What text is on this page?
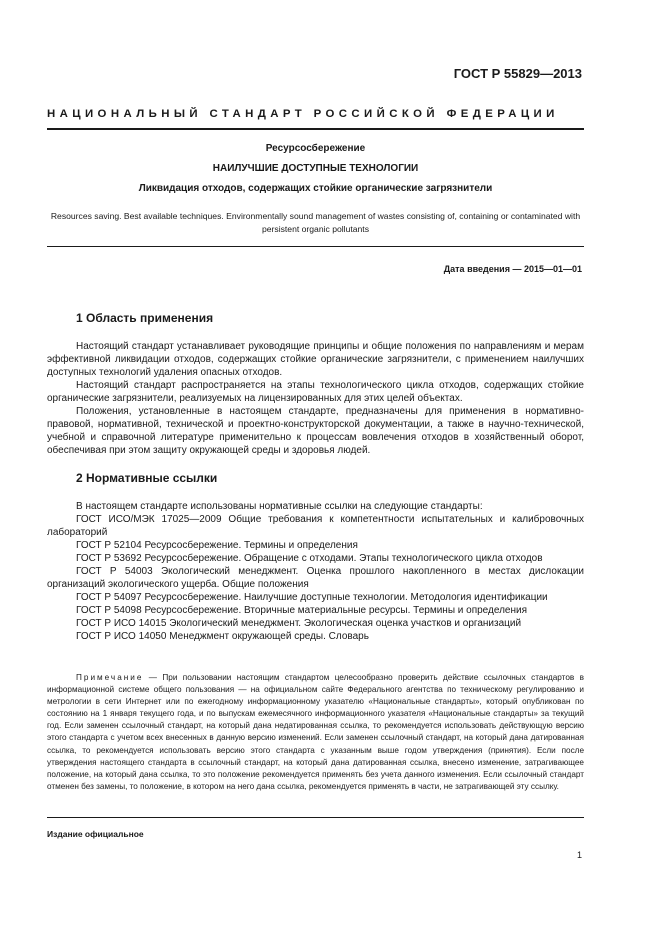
ГОСТ Р 55829—2013
НАЦИОНАЛЬНЫЙ СТАНДАРТ РОССИЙСКОЙ ФЕДЕРАЦИИ
Ресурсосбережение
НАИЛУЧШИЕ ДОСТУПНЫЕ ТЕХНОЛОГИИ
Ликвидация отходов, содержащих стойкие органические загрязнители
Resources saving. Best available techniques. Environmentally sound management of wastes consisting of, containing or contaminated with persistent organic pollutants
Дата введения — 2015—01—01
1 Область применения

Настоящий стандарт устанавливает руководящие принципы и общие положения по направлениям и мерам эффективной ликвидации отходов, содержащих стойкие органические загрязнители, с применением наилучших доступных технологий удаления опасных отходов.

Настоящий стандарт распространяется на этапы технологического цикла отходов, содержащих стойкие органические загрязнители, реализуемых на лицензированных для этих целей объектах.

Положения, установленные в настоящем стандарте, предназначены для применения в нормативно-правовой, нормативной, технической и проектно-конструкторской документации, а также в научно-технической, учебной и справочной литературе применительно к процессам вовлечения отходов в хозяйственный оборот, обеспечивая при этом защиту окружающей среды и здоровья людей.

2 Нормативные ссылки

В настоящем стандарте использованы нормативные ссылки на следующие стандарты:

ГОСТ ИСО/МЭК 17025—2009 Общие требования к компетентности испытательных и калибровочных лабораторий

ГОСТ Р 52104 Ресурсосбережение. Термины и определения

ГОСТ Р 53692 Ресурсосбережение. Обращение с отходами. Этапы технологического цикла отходов

ГОСТ Р 54003 Экологический менеджмент. Оценка прошлого накопленного в местах дислокации организаций экологического ущерба. Общие положения

ГОСТ Р 54097 Ресурсосбережение. Наилучшие доступные технологии. Методология идентификации

ГОСТ Р 54098 Ресурсосбережение. Вторичные материальные ресурсы. Термины и определения

ГОСТ Р ИСО 14015 Экологический менеджмент. Экологическая оценка участков и организаций

ГОСТ Р ИСО 14050 Менеджмент окружающей среды. Словарь

Примечание — При пользовании настоящим стандартом целесообразно проверить действие ссылочных стандартов в информационной системе общего пользования — на официальном сайте Федерального агентства по техническому регулированию и метрологии в сети Интернет или по ежегодному информационному указателю «Национальные стандарты», который опубликован по состоянию на 1 января текущего года, и по выпускам ежемесячного информационного указателя «Национальные стандарты» за текущий год. Если заменен ссылочный стандарт, на который дана недатированная ссылка, то рекомендуется использовать действующую версию этого стандарта с учетом всех внесенных в данную версию изменений. Если заменен ссылочный стандарт, на который дана датированная ссылка, то рекомендуется использовать версию этого стандарта с указанным выше годом утверждения (принятия). Если после утверждения настоящего стандарта в ссылочный стандарт, на который дана датированная ссылка, внесено изменение, затрагивающее положение, на который дана ссылка, то это положение рекомендуется применять без учета данного изменения. Если ссылочный стандарт отменен без замены, то положение, в котором на него дана ссылка, рекомендуется применять в части, не затрагивающей эту ссылку.
Издание официальное
1
